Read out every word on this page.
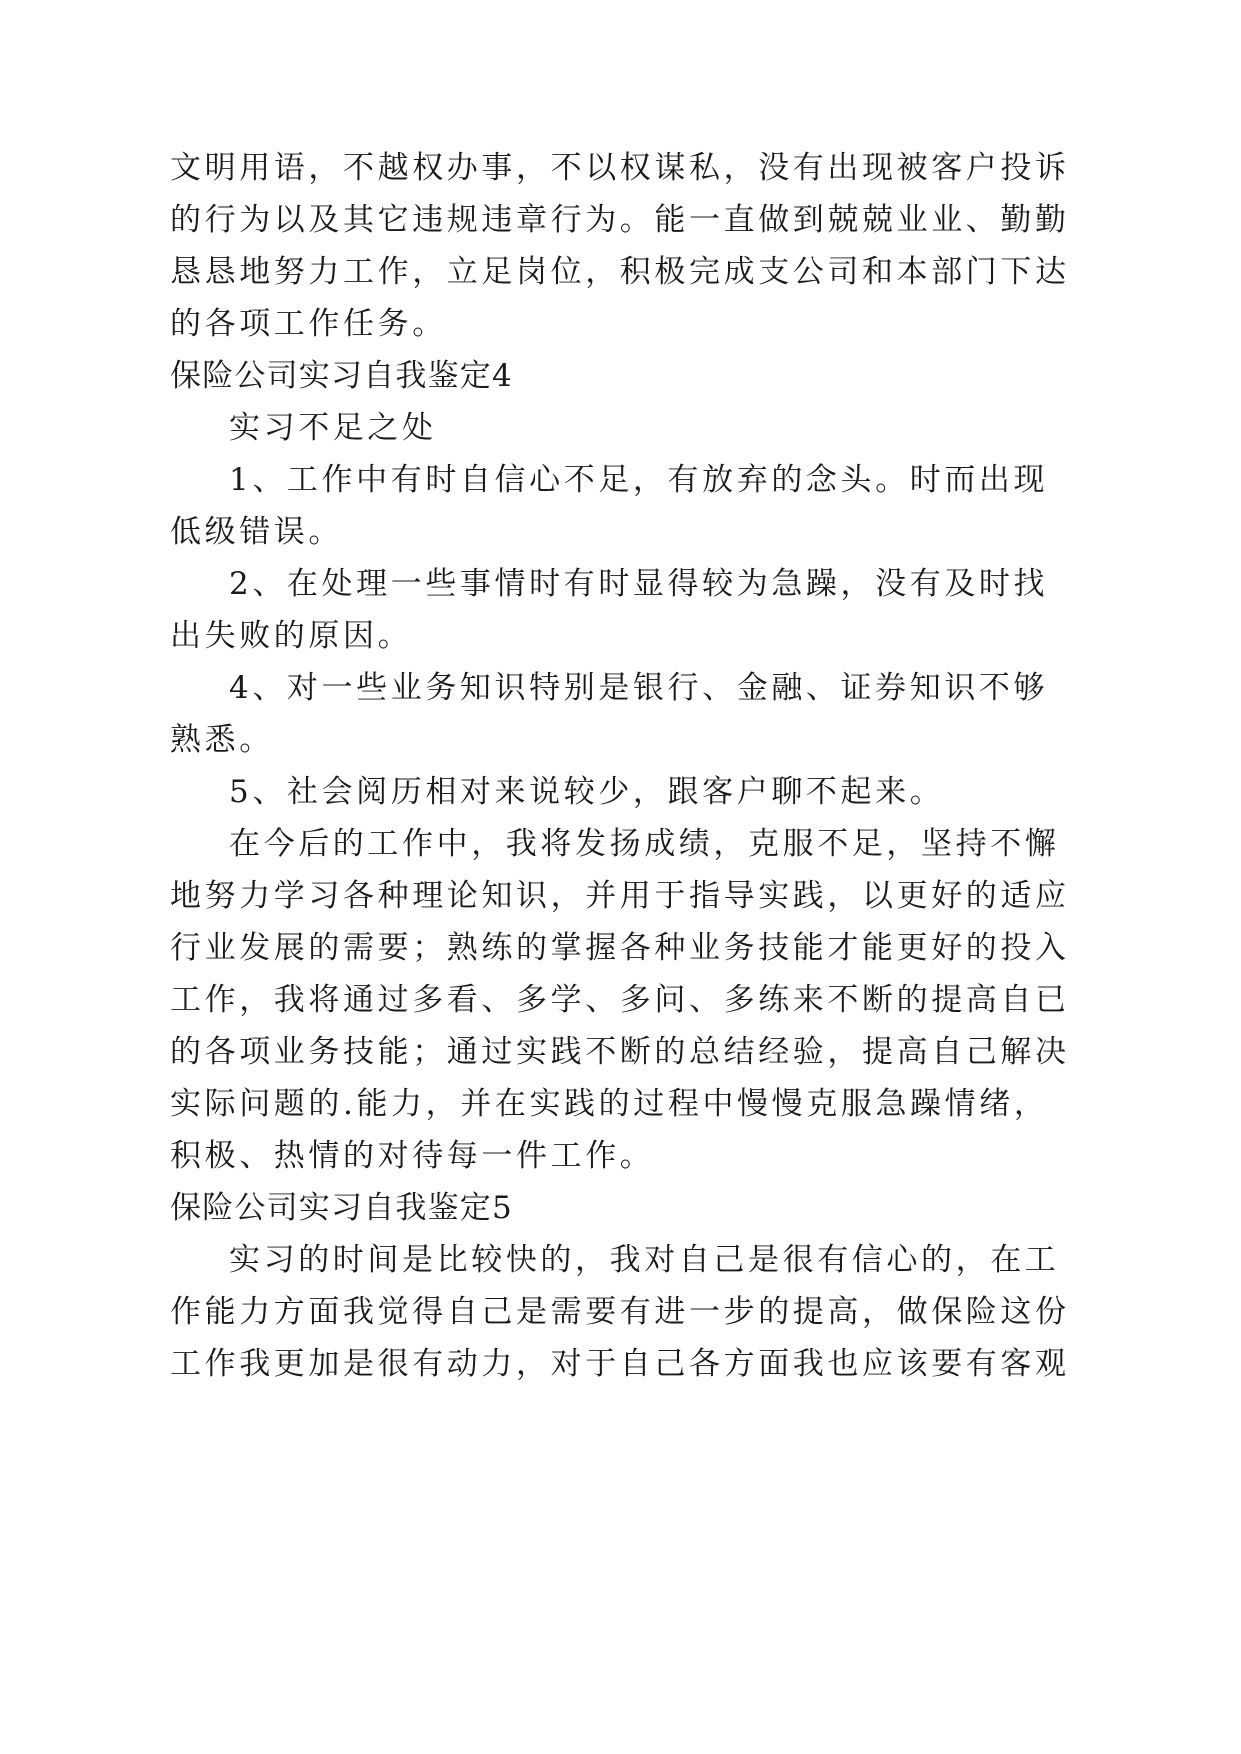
文明用语，不越权办事，不以权谋私，没有出现被客户投诉
的行为以及其它违规违章行为。能一直做到兢兢业业、勤勤
恳恳地努力工作，立足岗位，积极完成支公司和本部门下达
的各项工作任务。
保险公司实习自我鉴定4
实习不足之处
1、工作中有时自信心不足，有放弃的念头。时而出现
低级错误。
2、在处理一些事情时有时显得较为急躁，没有及时找
出失败的原因。
4、对一些业务知识特别是银行、金融、证券知识不够
熟悉。
5、社会阅历相对来说较少，跟客户聊不起来。
在今后的工作中，我将发扬成绩，克服不足，坚持不懈
地努力学习各种理论知识，并用于指导实践，以更好的适应
行业发展的需要；熟练的掌握各种业务技能才能更好的投入
工作，我将通过多看、多学、多问、多练来不断的提高自已
的各项业务技能；通过实践不断的总结经验，提高自己解决
实际问题的.能力，并在实践的过程中慢慢克服急躁情绪，
积极、热情的对待每一件工作。
保险公司实习自我鉴定5
实习的时间是比较快的，我对自己是很有信心的，在工
作能力方面我觉得自己是需要有进一步的提高，做保险这份
工作我更加是很有动力，对于自己各方面我也应该要有客观
